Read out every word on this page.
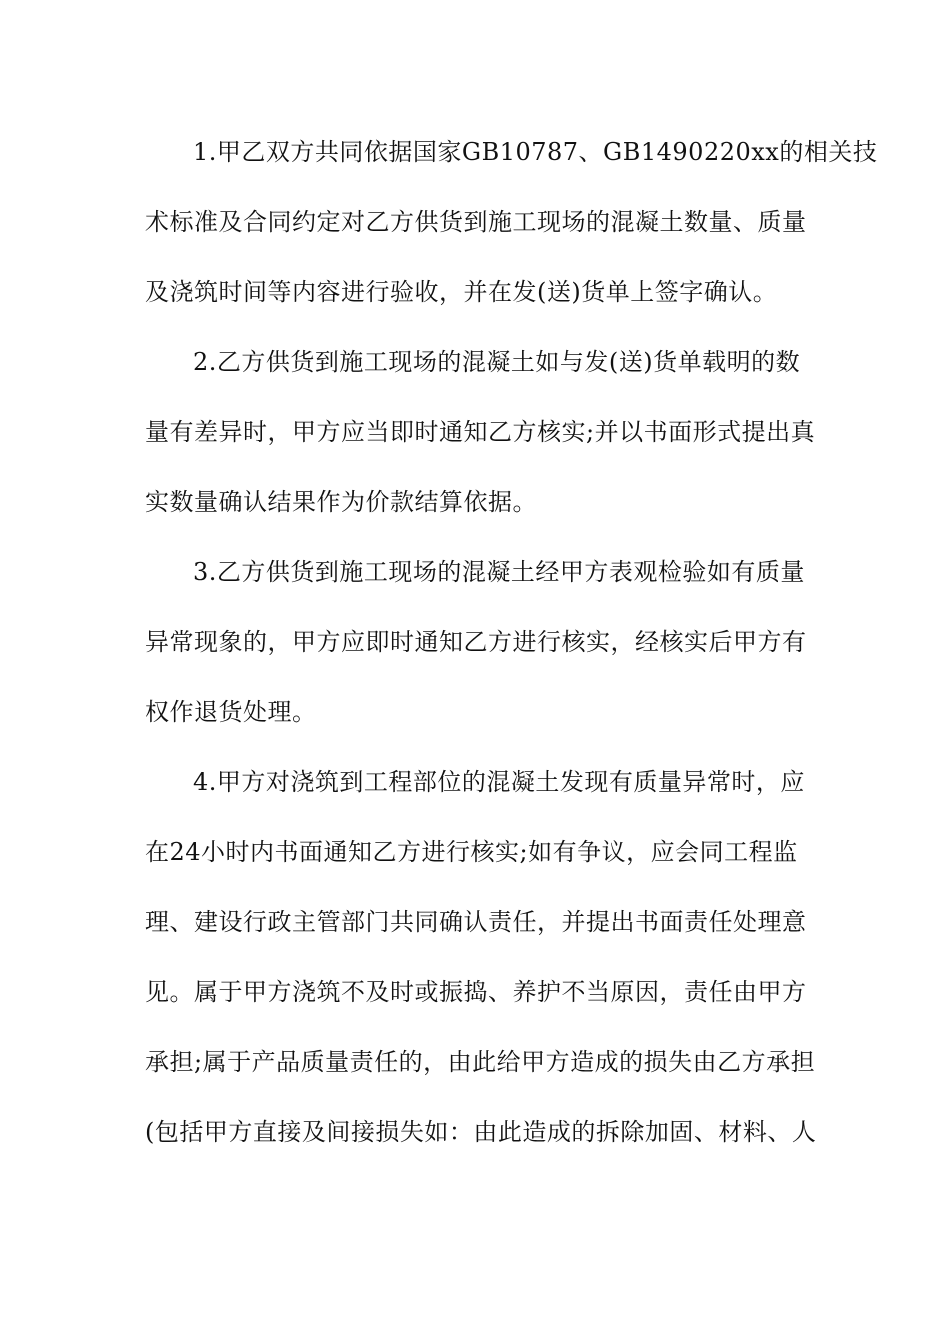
1.甲乙双方共同依据国家GB10787、GB1490220xx的相关技
术标准及合同约定对乙方供货到施工现场的混凝土数量、质量
及浇筑时间等内容进行验收，并在发(送)货单上签字确认。
2.乙方供货到施工现场的混凝土如与发(送)货单载明的数
量有差异时，甲方应当即时通知乙方核实;并以书面形式提出真
实数量确认结果作为价款结算依据。
3.乙方供货到施工现场的混凝土经甲方表观检验如有质量
异常现象的，甲方应即时通知乙方进行核实，经核实后甲方有
权作退货处理。
4.甲方对浇筑到工程部位的混凝土发现有质量异常时，应
在24小时内书面通知乙方进行核实;如有争议，应会同工程监
理、建设行政主管部门共同确认责任，并提出书面责任处理意
见。属于甲方浇筑不及时或振捣、养护不当原因，责任由甲方
承担;属于产品质量责任的，由此给甲方造成的损失由乙方承担
(包括甲方直接及间接损失如：由此造成的拆除加固、材料、人
